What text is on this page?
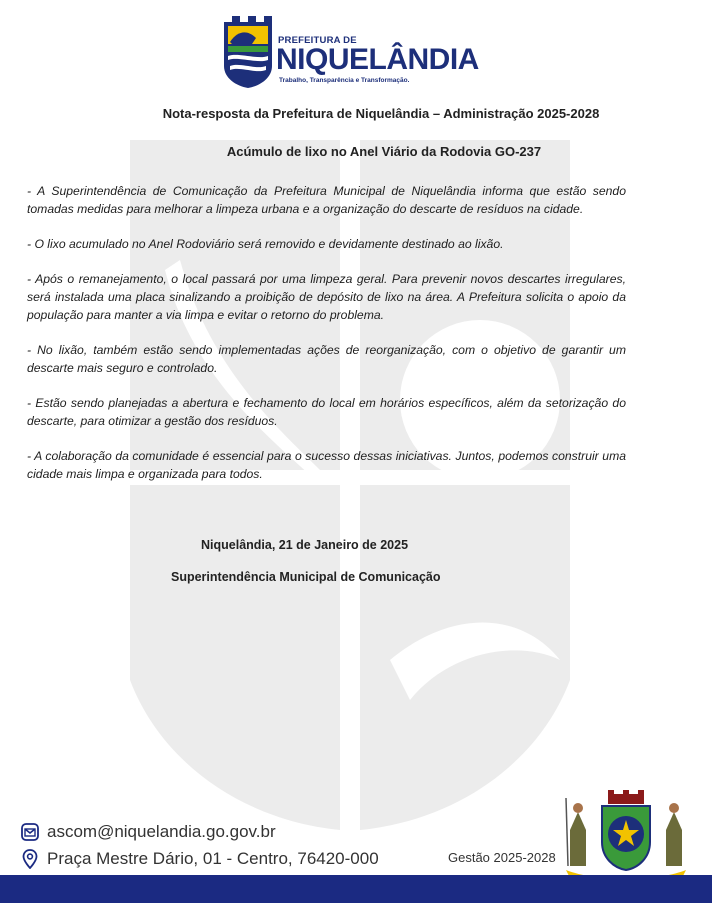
PREFEITURA DE
NIQUELÂNDIA
Trabalho, Transparência e Transformação.
Nota-resposta da Prefeitura de Niquelândia – Administração 2025-2028
Acúmulo de lixo no Anel Viário da Rodovia GO-237

- A Superintendência de Comunicação da Prefeitura Municipal de Niquelândia informa que estão sendo tomadas medidas para melhorar a limpeza urbana e a organização do descarte de resíduos na cidade.

- O lixo acumulado no Anel Rodoviário será removido e devidamente destinado ao lixão.

- Após o remanejamento, o local passará por uma limpeza geral. Para prevenir novos descartes irregulares, será instalada uma placa sinalizando a proibição de depósito de lixo na área. A Prefeitura solicita o apoio da população para manter a via limpa e evitar o retorno do problema.

- No lixão, também estão sendo implementadas ações de reorganização, com o objetivo de garantir um descarte mais seguro e controlado.

- Estão sendo planejadas a abertura e fechamento do local em horários específicos, além da setorização do descarte, para otimizar a gestão dos resíduos.

- A colaboração da comunidade é essencial para o sucesso dessas iniciativas. Juntos, podemos construir uma cidade mais limpa e organizada para todos.

Niquelândia, 21 de Janeiro de 2025
Superintendência Municipal de Comunicação
ascom@niquelandia.go.gov.br
Praça Mestre Dário, 01 - Centro, 76420-000	Gestão 2025-2028
